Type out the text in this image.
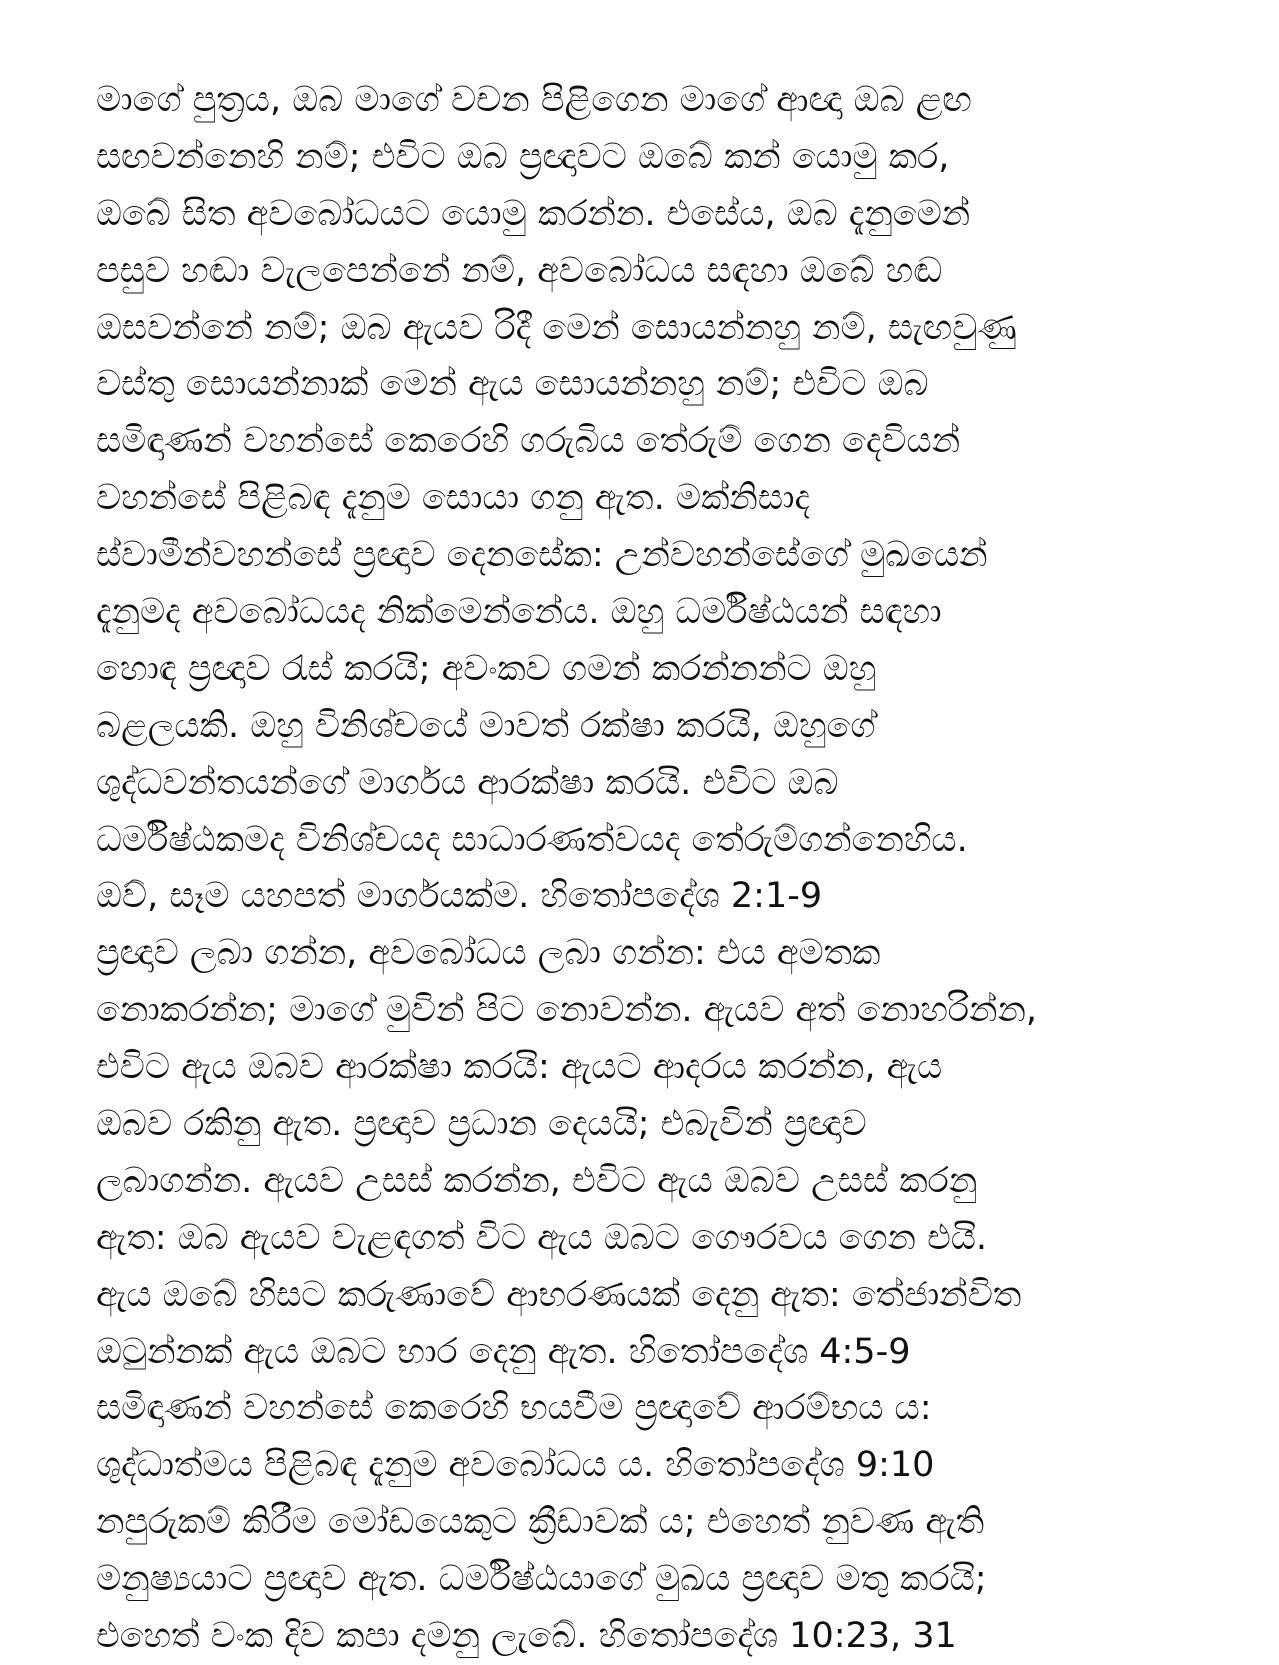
මාගේ පුත්‍රය, ඔබ මාගේ වචන පිළිගෙන මාගේ ආඥා ඔබ ළඟ
සඟවන්නෙහි නම්; එවිට ඔබ ප්‍රඥාවට ඔබේ කන් යොමු කර,
ඔබේ සිත අවබෝධයට යොමු කරන්න. එසේය, ඔබ දැනුමෙන්
පසුව හඬා වැලපෙන්නේ නම්, අවබෝධය සඳහා ඔබේ හඬ
ඔසවන්නේ නම්; ඔබ ඇයව රිදී මෙන් සොයන්නහු නම්, සැඟවුණු
වස්තු සොයන්නාක් මෙන් ඇය සොයන්නහු නම්; එවිට ඔබ
සමිඳාණන් වහන්සේ කෙරෙහි ගරුබිය තේරුම් ගෙන දෙවියන්
වහන්සේ පිළිබඳ දැනුම සොයා ගනු ඇත. මක්නිසාද
ස්වාමීන්වහන්සේ ප්‍රඥාව දෙනසේක: උන්වහන්සේගේ මුඛයෙන්
දැනුමද අවබෝධයද නික්මෙන්නේය. ඔහු ධර්මිෂ්ඨයන් සඳහා
හොඳ ප්‍රඥාව රැස් කරයි; අවංකව ගමන් කරන්නන්ට ඔහු
බළලයකි. ඔහු විනිශ්චයේ මාවත් රක්ෂා කරයි, ඔහුගේ
ශුද්ධවන්තයන්ගේ මාර්ගය ආරක්ෂා කරයි. එවිට ඔබ
ධර්මිෂ්ඨකමද විනිශ්චයද සාධාරණත්වයද තේරුම්ගන්නෙහිය.
ඔව්, සෑම යහපත් මාර්ගයක්ම. හිතෝපදේශ 2:1-9
ප්‍රඥාව ලබා ගන්න, අවබෝධය ලබා ගන්න: එය අමතක
නොකරන්න; මාගේ මුවින් පිට නොවන්න. ඇයව අත් නොහරින්න,
එවිට ඇය ඔබව ආරක්ෂා කරයි: ඇයට ආදරය කරන්න, ඇය
ඔබව රකිනු ඇත. ප්‍රඥාව ප්‍රධාන දෙයයි; එබැවින් ප්‍රඥාව
ලබාගන්න. ඇයව උසස් කරන්න, එවිට ඇය ඔබව උසස් කරනු
ඇත: ඔබ ඇයව වැළඳගත් විට ඇය ඔබට ගෞරවය ගෙන එයි.
ඇය ඔබේ හිසට කරුණාවේ ආභරණයක් දෙනු ඇත: තේජාන්විත
ඔටුන්නක් ඇය ඔබට භාර දෙනු ඇත. හිතෝපදේශ 4:5-9
සමිඳාණන් වහන්සේ කෙරෙහි භයවීම ප්‍රඥාවේ ආරම්භය ය:
ශුද්ධාත්මය පිළිබඳ දැනුම අවබෝධය ය. හිතෝපදේශ 9:10
නපුරුකම් කිරීම මෝඩයෙකුට ක්‍රීඩාවක් ය; එහෙත් නුවණ ඇති
මනුෂ්‍යයාට ප්‍රඥාව ඇත. ධර්මිෂ්ඨයාගේ මුඛය ප්‍රඥාව මතු කරයි;
එහෙත් වංක දිව කපා දමනු ලැබේ. හිතෝපදේශ 10:23, 31
